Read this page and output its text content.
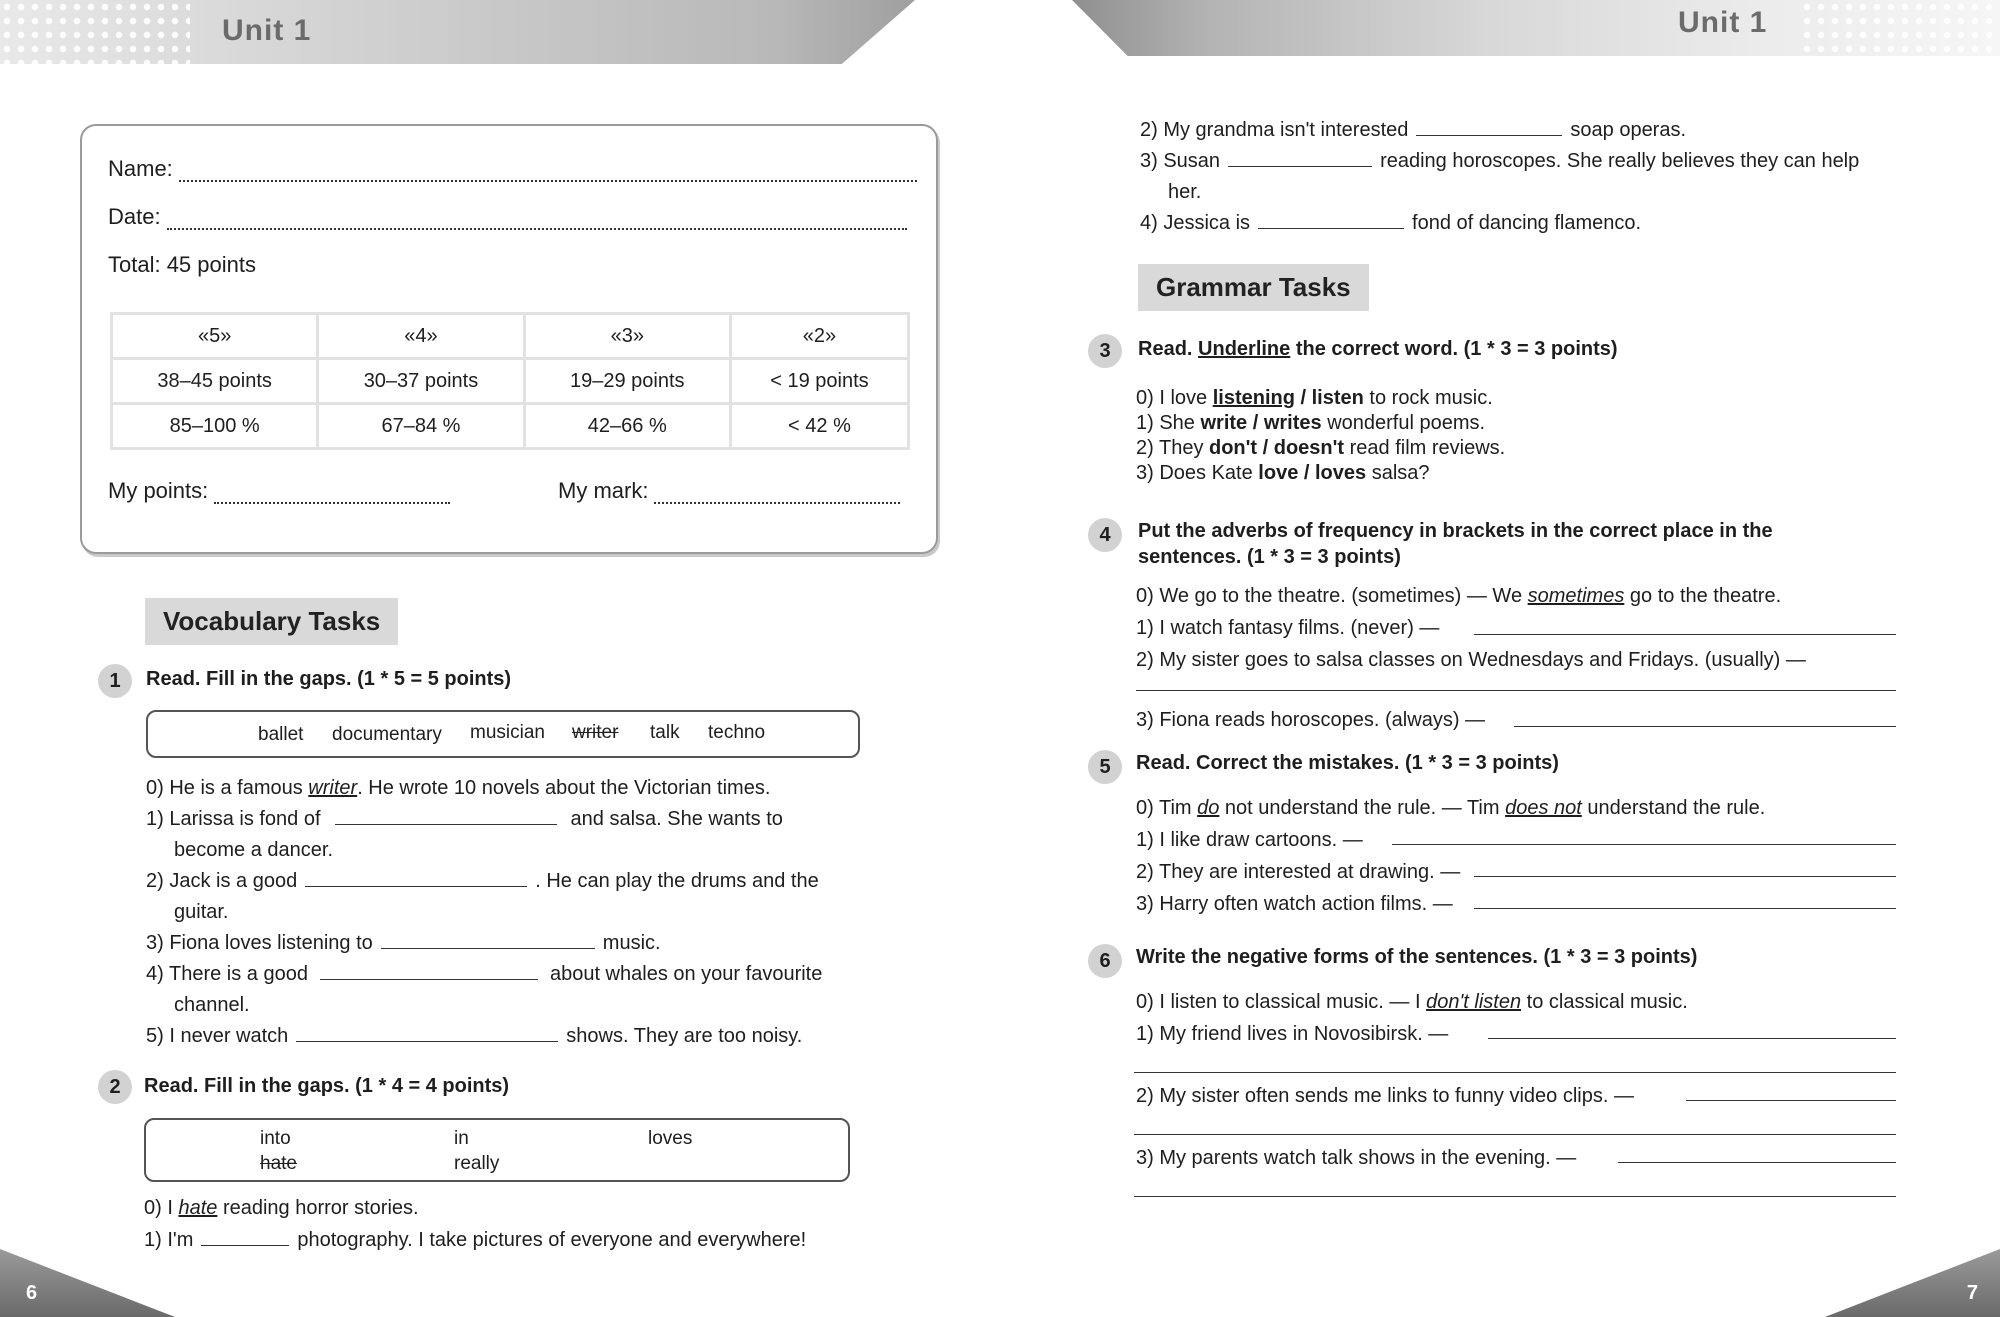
Unit 1
Name:
Date:
Total: 45 points
«5»	«4»	«3»	«2»
38–45 points	30–37 points	19–29 points	< 19 points
85–100 %	67–84 %	42–66 %	< 42 %
My points:	My mark:
Vocabulary Tasks
1	Read. Fill in the gaps. (1 * 5 = 5 points)
ballet documentary musician writer talk techno
0) He is a famous writer. He wrote 10 novels about the Victorian times.
1) Larissa is fond of	and salsa. She wants to
become a dancer.
2) Jack is a good	. He can play the drums and the
guitar.
3) Fiona loves listening to	music.
4) There is a good	about whales on your favourite
channel.
5) I never watch	shows. They are too noisy.
2	Read. Fill in the gaps. (1 * 4 = 4 points)
into
hate
in
really
loves
0) I hate reading horror stories.
1) I'm	photography. I take pictures of everyone and everywhere!
6
Unit 1
2) My grandma isn't interested	soap operas.
3) Susan	reading horoscopes. She really believes they can help
her.
4) Jessica is	fond of dancing flamenco.
Grammar Tasks
3	Read. Underline the correct word. (1 * 3 = 3 points)
0) I love listening / listen to rock music.
1) She write / writes wonderful poems.
2) They don't / doesn't read film reviews.
3) Does Kate love / loves salsa?
4	Put the adverbs of frequency in brackets in the correct place in the
sentences. (1 * 3 = 3 points)
0) We go to the theatre. (sometimes) — We sometimes go to the theatre.
1) I watch fantasy films. (never) —
2) My sister goes to salsa classes on Wednesdays and Fridays. (usually) —
3) Fiona reads horoscopes. (always) —
5	Read. Correct the mistakes. (1 * 3 = 3 points)
0) Tim do not understand the rule. — Tim does not understand the rule.
1) I like draw cartoons. —
2) They are interested at drawing. —
3) Harry often watch action films. —
6	Write the negative forms of the sentences. (1 * 3 = 3 points)
0) I listen to classical music. — I don't listen to classical music.
1) My friend lives in Novosibirsk. —
2) My sister often sends me links to funny video clips. —
3) My parents watch talk shows in the evening. —
7
